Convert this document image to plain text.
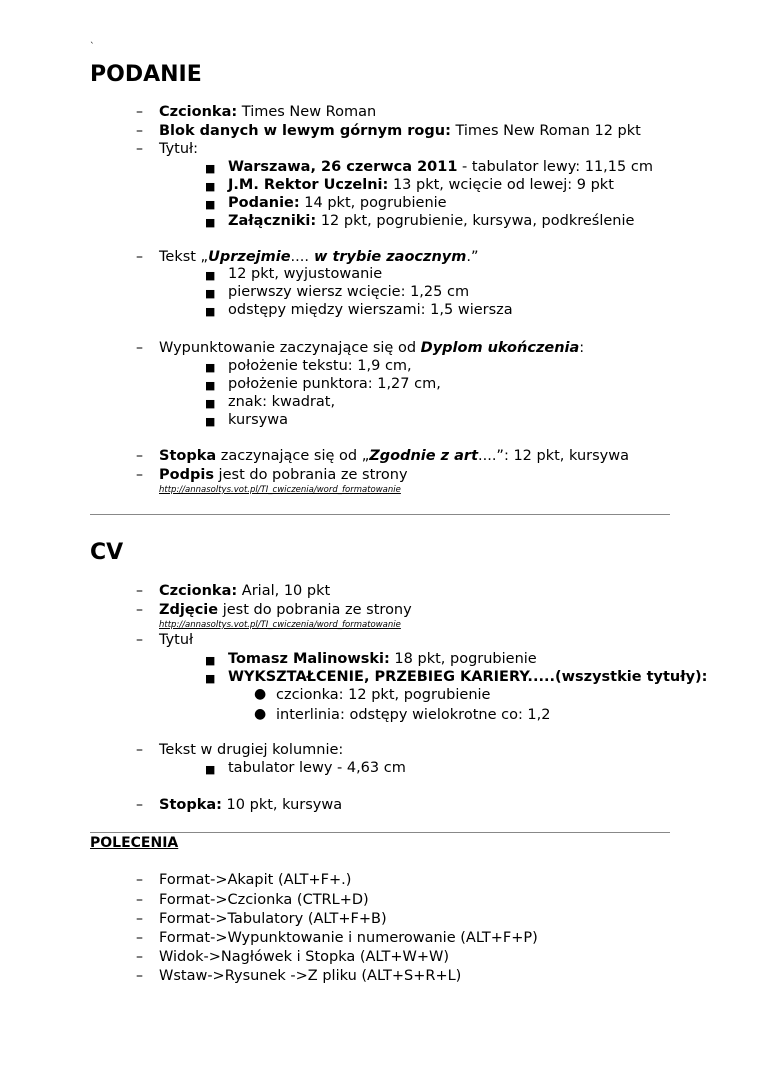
`
PODANIE
– Czcionka: Times New Roman
– Blok danych w lewym górnym rogu: Times New Roman 12 pkt
– Tytuł:
■ Warszawa, 26 czerwca 2011 - tabulator lewy: 11,15 cm
■ J.M. Rektor Uczelni: 13 pkt, wcięcie od lewej: 9 pkt
■ Podanie: 14 pkt, pogrubienie
■ Załączniki: 12 pkt, pogrubienie, kursywa, podkreślenie
– Tekst „Uprzejmie.... w trybie zaocznym.”
■ 12 pkt, wyjustowanie
■ pierwszy wiersz wcięcie: 1,25 cm
■ odstępy między wierszami: 1,5 wiersza
– Wypunktowanie zaczynające się od Dyplom ukończenia:
■ położenie tekstu: 1,9 cm,
■ położenie punktora: 1,27 cm,
■ znak: kwadrat,
■ kursywa
– Stopka zaczynające się od „Zgodnie z art....”: 12 pkt, kursywa
– Podpis jest do pobrania ze strony
http://annasoltys.vot.pl/TI_cwiczenia/word_formatowanie
CV
– Czcionka: Arial, 10 pkt
– Zdjęcie jest do pobrania ze strony
http://annasoltys.vot.pl/TI_cwiczenia/word_formatowanie
– Tytuł
■ Tomasz Malinowski: 18 pkt, pogrubienie
■ WYKSZTAŁCENIE, PRZEBIEG KARIERY.....(wszystkie tytuły):
● czcionka: 12 pkt, pogrubienie
● interlinia: odstępy wielokrotne co: 1,2
– Tekst w drugiej kolumnie:
■ tabulator lewy - 4,63 cm
– Stopka: 10 pkt, kursywa
POLECENIA
– Format->Akapit (ALT+F+.)
– Format->Czcionka (CTRL+D)
– Format->Tabulatory (ALT+F+B)
– Format->Wypunktowanie i numerowanie (ALT+F+P)
– Widok->Nagłówek i Stopka (ALT+W+W)
– Wstaw->Rysunek ->Z pliku (ALT+S+R+L)
